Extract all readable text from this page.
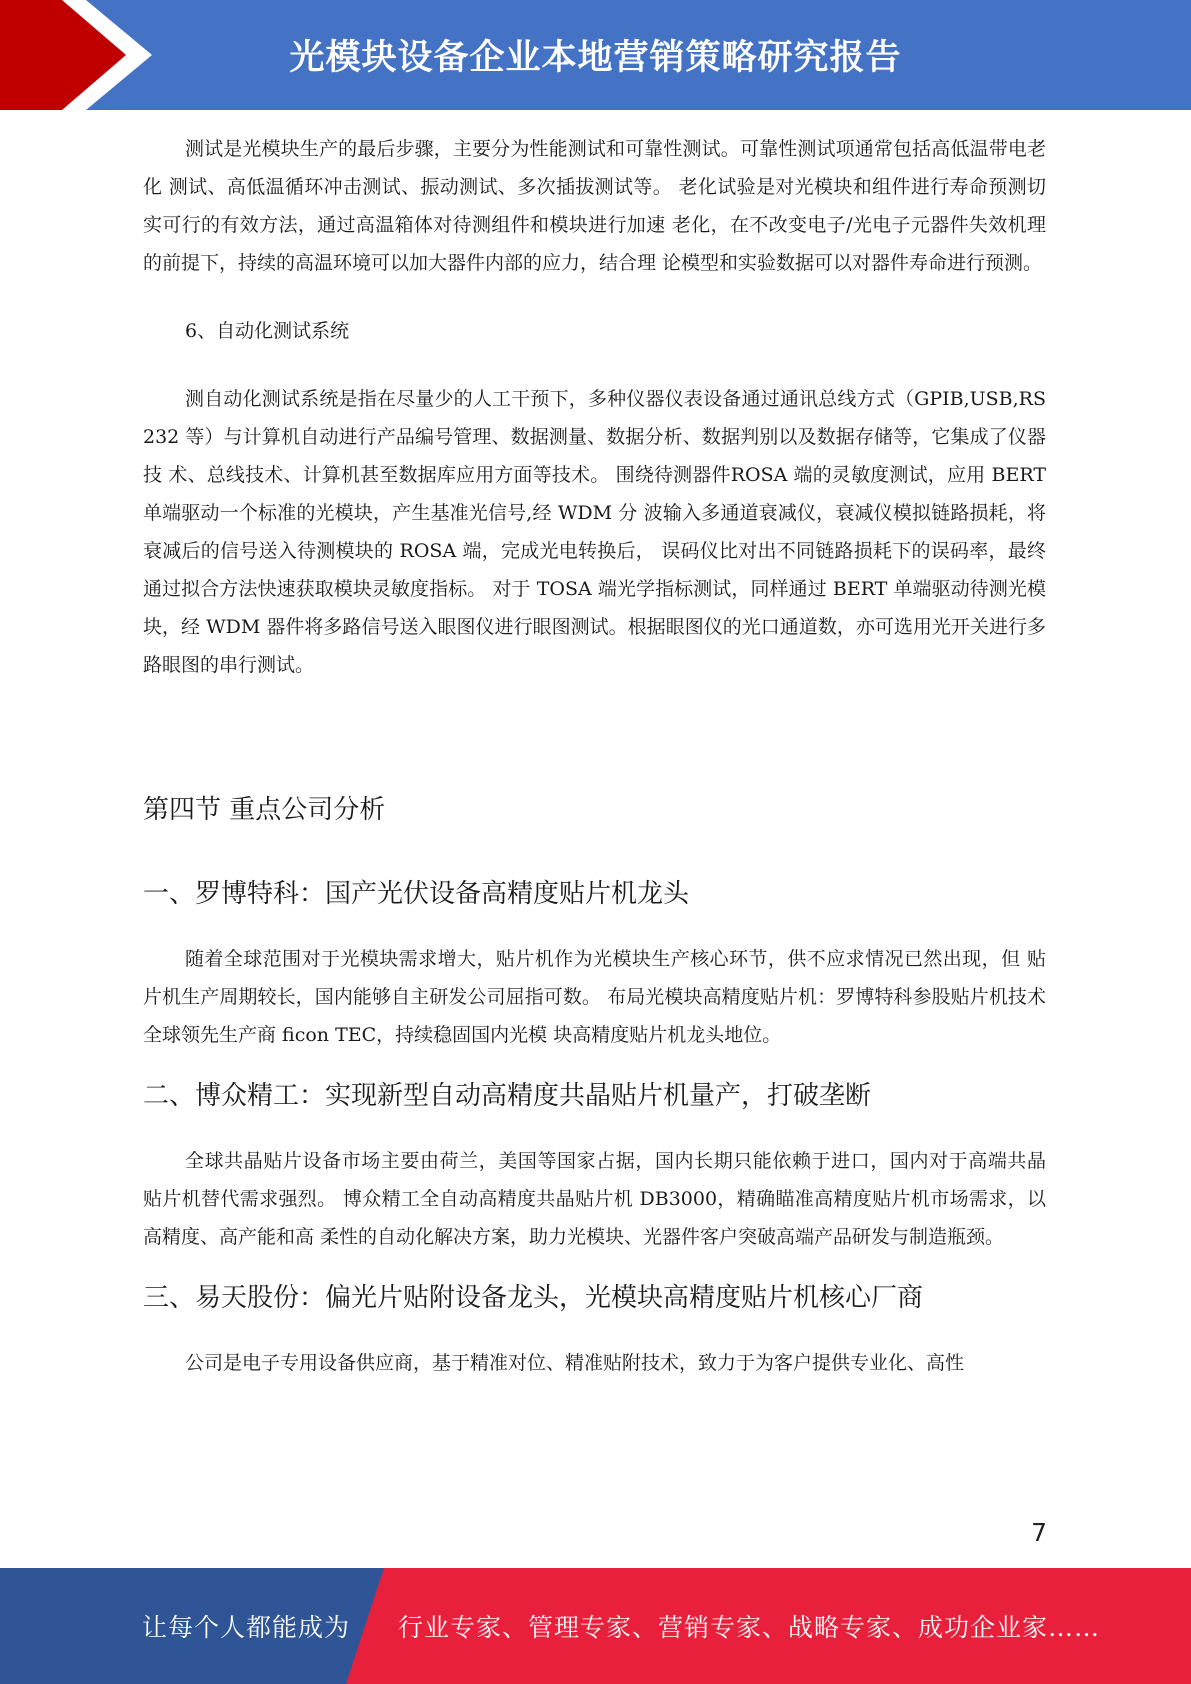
光模块设备企业本地营销策略研究报告

测试是光模块生产的最后步骤，主要分为性能测试和可靠性测试。可靠性测试项通常包括高低温带电老化 测试、高低温循环冲击测试、振动测试、多次插拔测试等。 老化试验是对光模块和组件进行寿命预测切实可行的有效方法，通过高温箱体对待测组件和模块进行加速 老化，在不改变电子/光电子元器件失效机理的前提下，持续的高温环境可以加大器件内部的应力，结合理 论模型和实验数据可以对器件寿命进行预测。

6、自动化测试系统

测自动化测试系统是指在尽量少的人工干预下，多种仪器仪表设备通过通讯总线方式（GPIB,USB,RS232 等）与计算机自动进行产品编号管理、数据测量、数据分析、数据判别以及数据存储等，它集成了仪器技 术、总线技术、计算机甚至数据库应用方面等技术。 围绕待测器件ROSA 端的灵敏度测试，应用 BERT 单端驱动一个标准的光模块，产生基准光信号,经 WDM 分 波输入多通道衰减仪，衰减仪模拟链路损耗，将衰减后的信号送入待测模块的 ROSA 端，完成光电转换后， 误码仪比对出不同链路损耗下的误码率，最终通过拟合方法快速获取模块灵敏度指标。 对于 TOSA 端光学指标测试，同样通过 BERT 单端驱动待测光模块，经 WDM 器件将多路信号送入眼图仪进行眼图测试。根据眼图仪的光口通道数，亦可选用光开关进行多路眼图的串行测试。

第四节 重点公司分析
一、罗博特科：国产光伏设备高精度贴片机龙头

随着全球范围对于光模块需求增大，贴片机作为光模块生产核心环节，供不应求情况已然出现，但 贴片机生产周期较长，国内能够自主研发公司屈指可数。 布局光模块高精度贴片机：罗博特科参股贴片机技术全球领先生产商 ficon TEC，持续稳固国内光模 块高精度贴片机龙头地位。

二、博众精工：实现新型自动高精度共晶贴片机量产，打破垄断

全球共晶贴片设备市场主要由荷兰，美国等国家占据，国内长期只能依赖于进口，国内对于高端共晶 贴片机替代需求强烈。 博众精工全自动高精度共晶贴片机 DB3000，精确瞄准高精度贴片机市场需求，以高精度、高产能和高 柔性的自动化解决方案，助力光模块、光器件客户突破高端产品研发与制造瓶颈。

三、易天股份：偏光片贴附设备龙头，光模块高精度贴片机核心厂商

公司是电子专用设备供应商，基于精准对位、精准贴附技术，致力于为客户提供专业化、高性

7
让每个人都能成为 行业专家、管理专家、营销专家、战略专家、成功企业家……
